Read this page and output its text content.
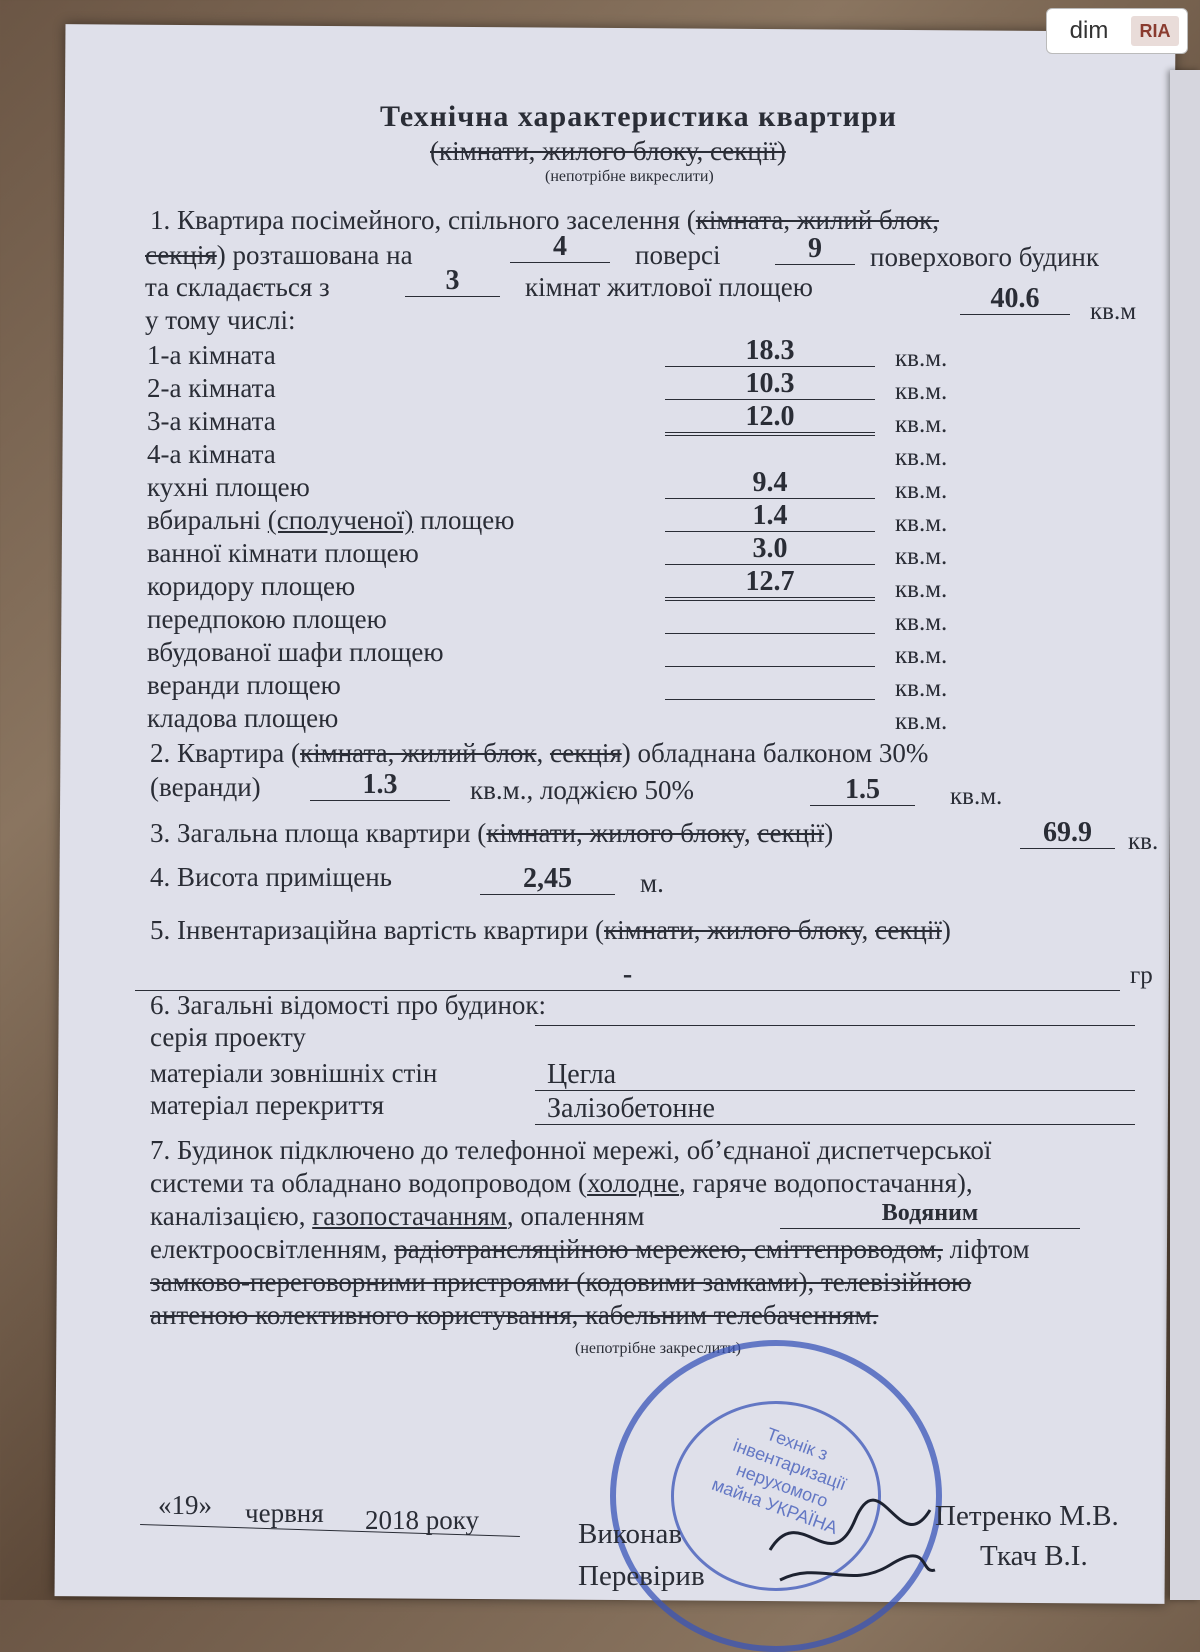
dim	RIA
Технічна характеристика квартири
(кімнати, жилого блоку, секції)
(непотрібне викреслити)
1. Квартира посімейного, спільного заселення (кімната, жилий блок,
секція) розташована на	4	поверсі	9	поверхового будинк
та складається з	3	кімнат житлової площею	40.6	кв.м
у тому числі:
1-а кімната	18.3	кв.м.
2-а кімната	10.3	кв.м.
3-а кімната	12.0	кв.м.
4-а кімната	кв.м.
кухні площею	9.4	кв.м.
вбиральні (сполученої) площею	1.4	кв.м.
ванної кімнати площею	3.0	кв.м.
коридору площею	12.7	кв.м.
передпокою площею	кв.м.
вбудованої шафи площею	кв.м.
веранди площею	кв.м.
кладова площею	кв.м.
2. Квартира (кімната, жилий блок, секція) обладнана балконом 30%
(веранди)	1.3	кв.м., лоджією 50%	1.5	кв.м.
3. Загальна площа квартири (кімнати, жилого блоку, секції)	69.9	кв.
4. Висота приміщень	2,45	м.
5. Інвентаризаційна вартість квартири (кімнати, жилого блоку, секції)
-	гр
6. Загальні відомості про будинок:
серія проекту
матеріали зовнішніх стін	Цегла
матеріал перекриття	Залізобетонне
7. Будинок підключено до телефонної мережі, об’єднаної диспетчерської
системи та обладнано водопроводом (холодне, гаряче водопостачання),
каналізацією, газопостачанням, опаленням	Водяним
електроосвітленням, радіотрансляційною мережею, сміттєпроводом, ліфтом
замково-переговорними пристроями (кодовими замками), телевізійною
антеною колективного користування, кабельним телебаченням.
(непотрібне закреслити)
Технік з інвентаризації нерухомого майна УКРАЇНА
«19» червня 2018 року	Виконав
Перевірив
Петренко М.В.
Ткач В.І.
